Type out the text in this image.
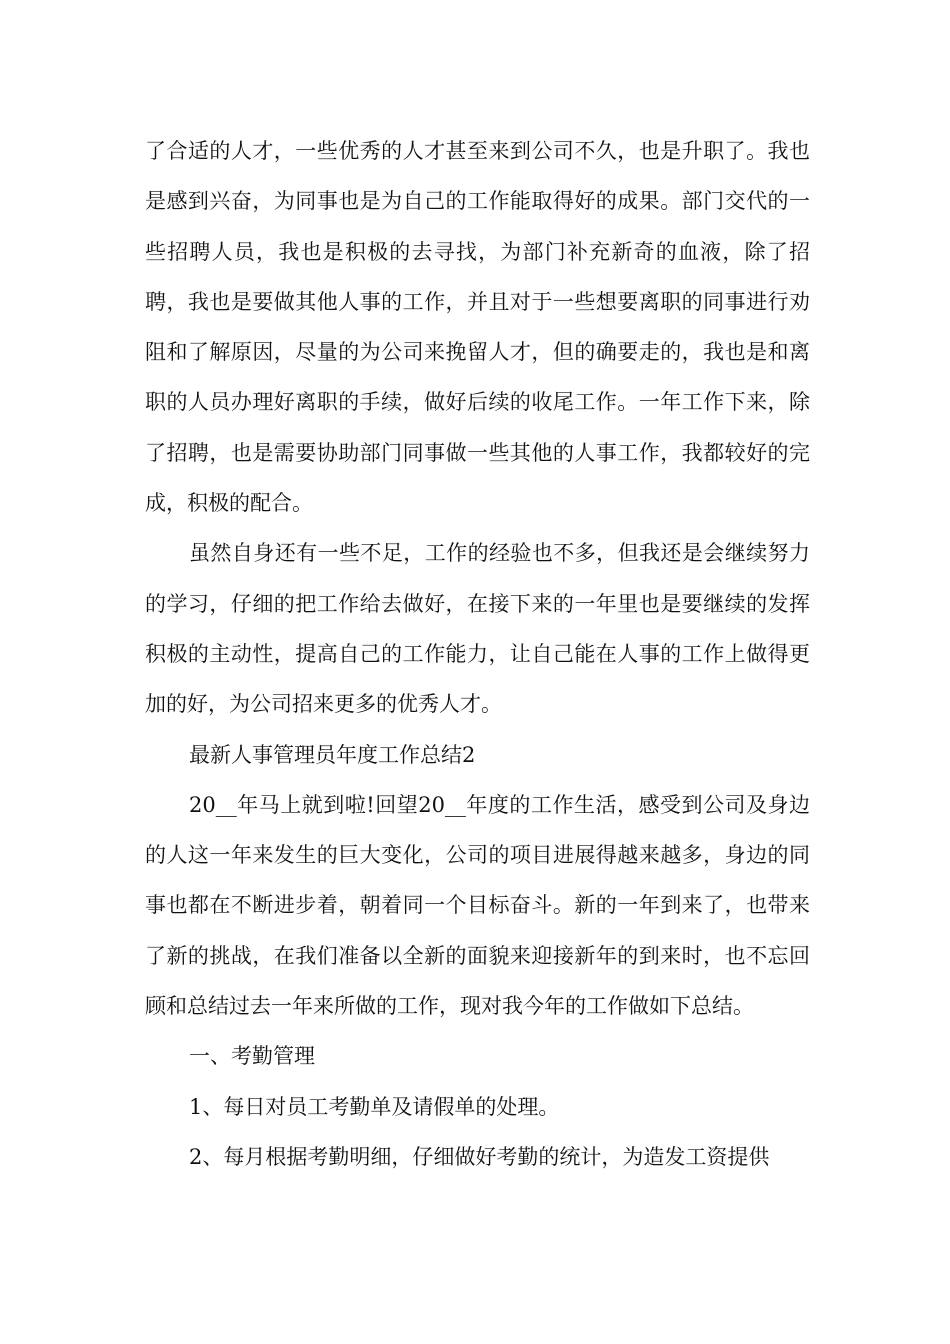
了合适的人才，一些优秀的人才甚至来到公司不久，也是升职了。我也是感到兴奋，为同事也是为自己的工作能取得好的成果。部门交代的一些招聘人员，我也是积极的去寻找，为部门补充新奇的血液，除了招聘，我也是要做其他人事的工作，并且对于一些想要离职的同事进行劝阻和了解原因，尽量的为公司来挽留人才，但的确要走的，我也是和离职的人员办理好离职的手续，做好后续的收尾工作。一年工作下来，除了招聘，也是需要协助部门同事做一些其他的人事工作，我都较好的完成，积极的配合。

虽然自身还有一些不足，工作的经验也不多，但我还是会继续努力的学习，仔细的把工作给去做好，在接下来的一年里也是要继续的发挥积极的主动性，提高自己的工作能力，让自己能在人事的工作上做得更加的好，为公司招来更多的优秀人才。

最新人事管理员年度工作总结2

20__年马上就到啦!回望20__年度的工作生活，感受到公司及身边的人这一年来发生的巨大变化，公司的项目进展得越来越多，身边的同事也都在不断进步着，朝着同一个目标奋斗。新的一年到来了，也带来了新的挑战，在我们准备以全新的面貌来迎接新年的到来时，也不忘回顾和总结过去一年来所做的工作，现对我今年的工作做如下总结。

一、考勤管理

1、每日对员工考勤单及请假单的处理。

2、每月根据考勤明细，仔细做好考勤的统计，为造发工资提供
